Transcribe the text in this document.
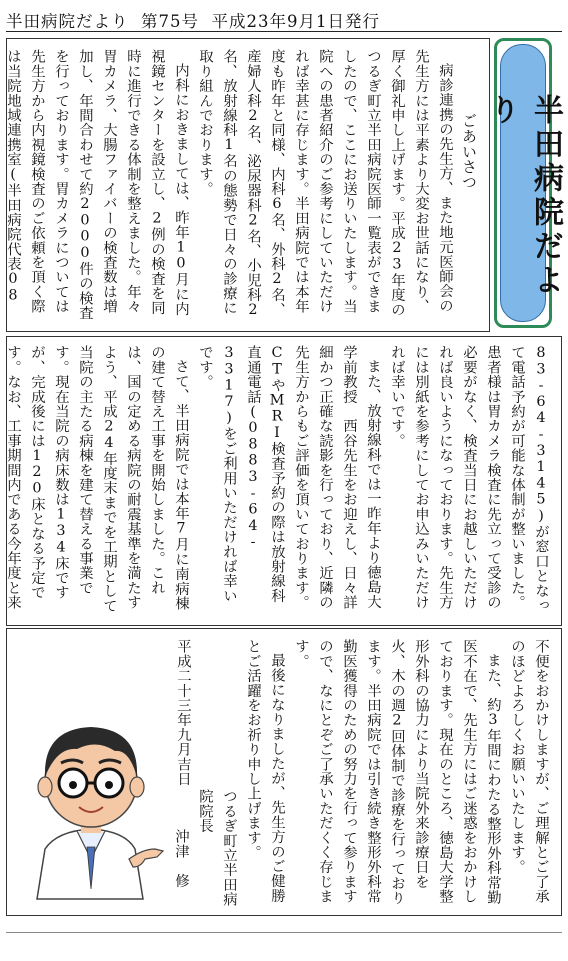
半田病院だより 第75号 平成23年9月1日発行
ごあいさつ
病診連携の先生方、また地元医師会の先生方には平素より大変お世話になり、厚く御礼申し上げます。平成23年度のつるぎ町立半田病院医師一覧表ができましたので、ここにお送りいたします。当院への患者紹介のご参考にしていただければ幸甚に存じます。半田病院では本年度も昨年と同様、内科6名、外科2名、産婦人科2名、泌尿器科2名、小児科2名、放射線科1名の態勢で日々の診療に取り組んでおります。
内科におきましては、昨年10月に内視鏡センターを設立し、2例の検査を同時に進行できる体制を整えました。年々胃カメラ、大腸ファイバーの検査数は増加し、年間合わせて約2000件の検査を行っております。胃カメラについては先生方から内視鏡検査のご依頼を頂く際は当院地域連携室(半田病院代表08	半田病院だより
83-64-3145)が窓口となって電話予約が可能な体制が整いました。患者様は胃カメラ検査に先立って受診の必要がなく、検査当日にお越しいただければ良いようになっております。先生方には別紙を参考にしてお申込みいただければ幸いです。
また、放射線科では一昨年より徳島大学前教授　西谷先生をお迎えし、日々詳細かつ正確な読影を行っており、近隣の先生方からもご評価を頂いております。CTやMRI検査予約の際は放射線科直通電話(0883-64-3317)をご利用いただければ幸いです。
さて、半田病院では本年7月に南病棟の建て替え工事を開始しました。これは、国の定める病院の耐震基準を満たすよう、平成24年度末までを工期として当院の主たる病棟を建て替える事業です。現在当院の病床数は134床ですが、完成後には120床となる予定です。なお、工事期間内である今年度と来
不便をおかけしますが、ご理解とご了承のほどよろしくお願いいたします。
また、約3年間にわたる整形外科常勤医不在で、先生方にはご迷惑をおかけしております。現在のところ、徳島大学整形外科の協力により当院外来診療日を火、木の週2回体制で診療を行っております。半田病院では引き続き整形外科常勤医獲得のための努力を行って参りますので、なにとぞご了承いただくく存じます。
最後になりましたが、先生方のご健勝とご活躍をお祈り申し上げます。
つるぎ町立半田病院院長
沖津　修
平成二十三年九月吉日
